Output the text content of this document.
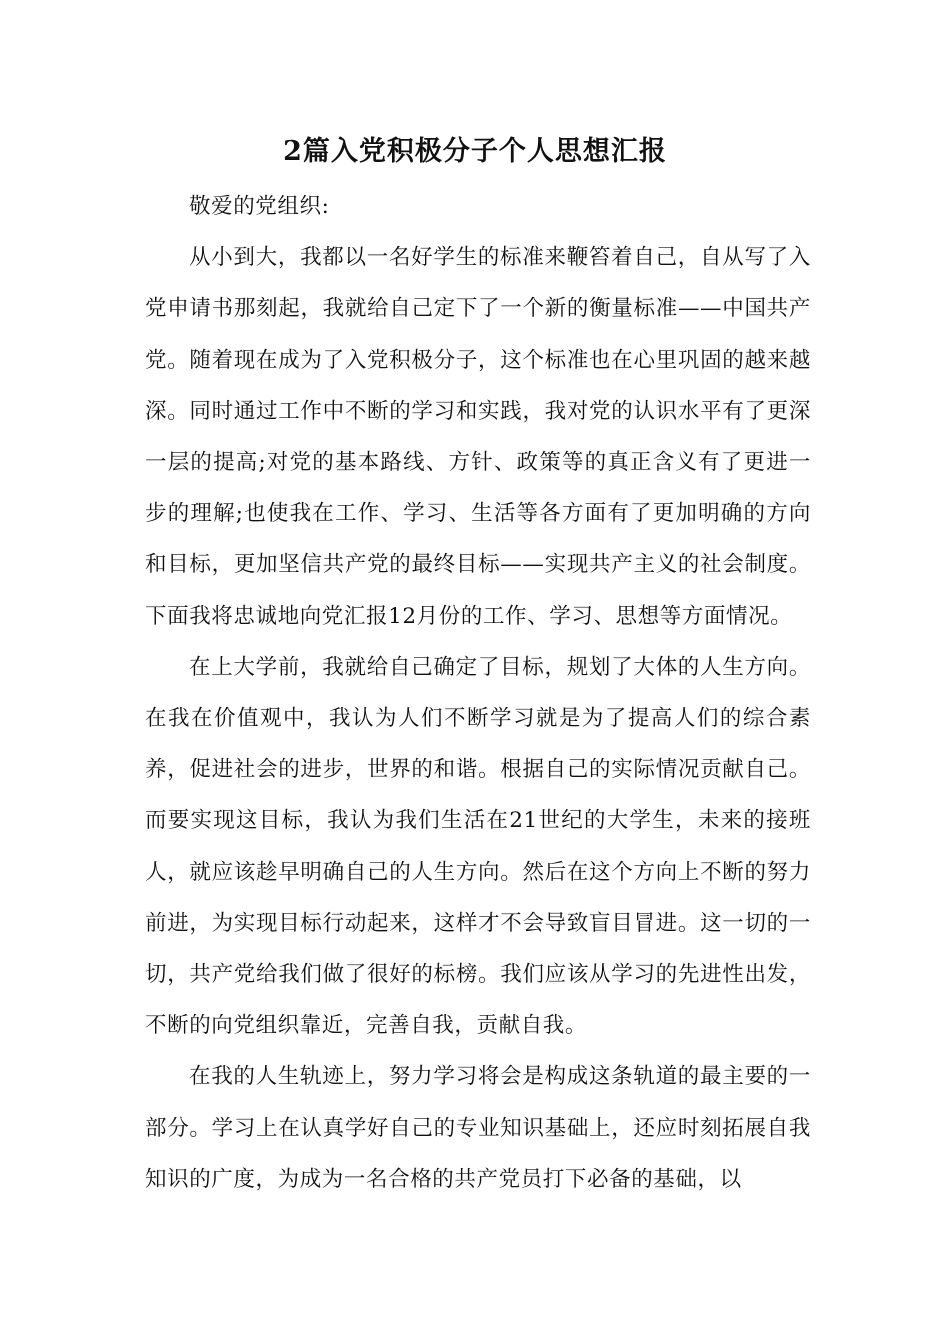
2篇入党积极分子个人思想汇报

敬爱的党组织:

从小到大，我都以一名好学生的标准来鞭笞着自己，自从写了入党申请书那刻起，我就给自己定下了一个新的衡量标准——中国共产党。随着现在成为了入党积极分子，这个标准也在心里巩固的越来越深。同时通过工作中不断的学习和实践，我对党的认识水平有了更深一层的提高;对党的基本路线、方针、政策等的真正含义有了更进一步的理解;也使我在工作、学习、生活等各方面有了更加明确的方向和目标，更加坚信共产党的最终目标——实现共产主义的社会制度。下面我将忠诚地向党汇报12月份的工作、学习、思想等方面情况。

在上大学前，我就给自己确定了目标，规划了大体的人生方向。在我在价值观中，我认为人们不断学习就是为了提高人们的综合素养，促进社会的进步，世界的和谐。根据自己的实际情况贡献自己。而要实现这目标，我认为我们生活在21世纪的大学生，未来的接班人，就应该趁早明确自己的人生方向。然后在这个方向上不断的努力前进，为实现目标行动起来，这样才不会导致盲目冒进。这一切的一切，共产党给我们做了很好的标榜。我们应该从学习的先进性出发，不断的向党组织靠近，完善自我，贡献自我。

在我的人生轨迹上，努力学习将会是构成这条轨道的最主要的一部分。学习上在认真学好自己的专业知识基础上，还应时刻拓展自我知识的广度，为成为一名合格的共产党员打下必备的基础，以
